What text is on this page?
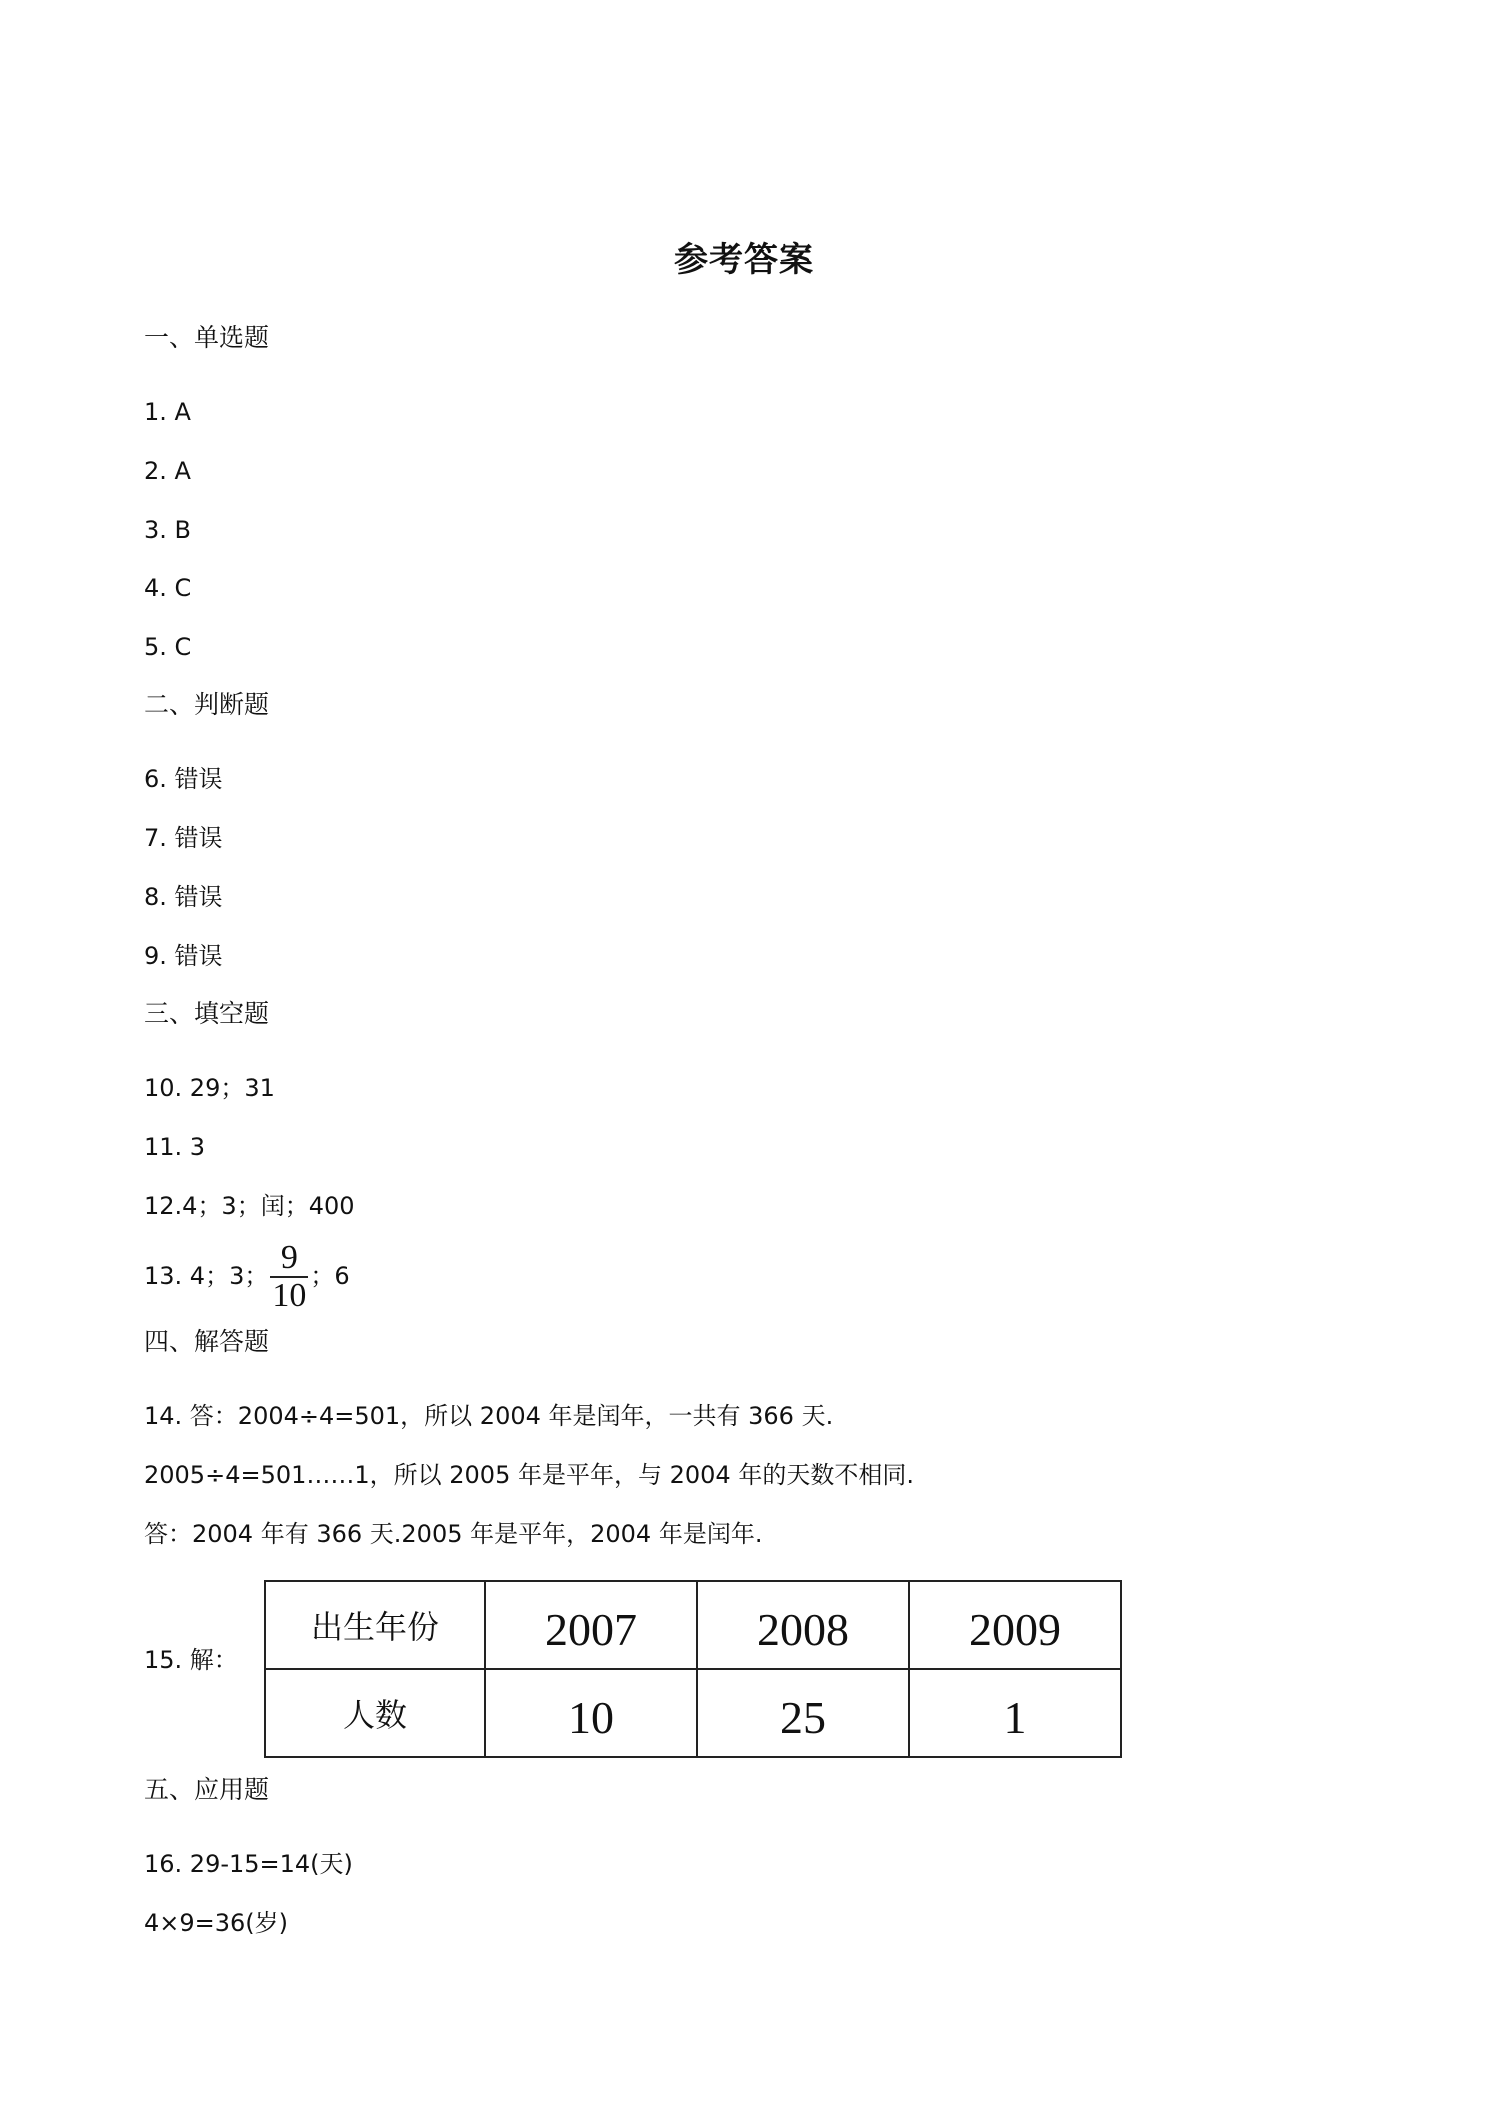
参考答案
一、单选题
1. A
2. A
3. B
4. C
5. C
二、判断题
6. 错误
7. 错误
8. 错误
9. 错误
三、填空题
10. 29；31
11. 3
12.4；3；闰；400
13. 4；3； $\frac{9}{10}$ ；6
四、解答题
14. 答：2004÷4=501，所以 2004 年是闰年，一共有 366 天.
2005÷4=501……1，所以 2005 年是平年，与 2004 年的天数不相同.
答：2004 年有 366 天.2005 年是平年，2004 年是闰年.
15. 解：
出生年份	2007	2008	2009
人数	10	25	1
五、应用题
16. 29-15=14(天)
4×9=36(岁)
